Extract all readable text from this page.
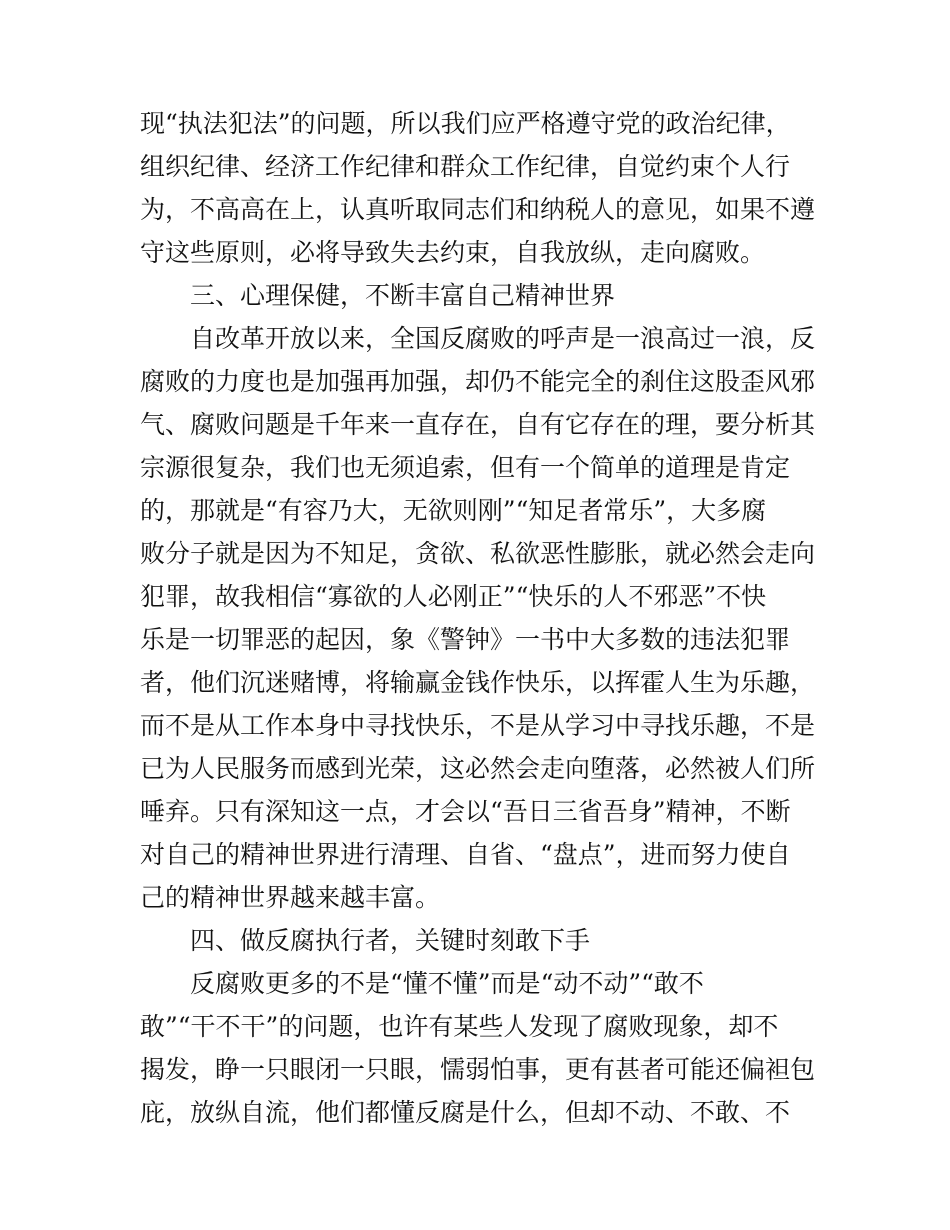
现“执法犯法”的问题，所以我们应严格遵守党的政治纪律，
组织纪律、经济工作纪律和群众工作纪律，自觉约束个人行
为，不高高在上，认真听取同志们和纳税人的意见，如果不遵
守这些原则，必将导致失去约束，自我放纵，走向腐败。
三、心理保健，不断丰富自己精神世界
自改革开放以来，全国反腐败的呼声是一浪高过一浪，反
腐败的力度也是加强再加强，却仍不能完全的刹住这股歪风邪
气、腐败问题是千年来一直存在，自有它存在的理，要分析其
宗源很复杂，我们也无须追索，但有一个简单的道理是肯定
的，那就是“有容乃大，无欲则刚”“知足者常乐”，大多腐
败分子就是因为不知足，贪欲、私欲恶性膨胀，就必然会走向
犯罪，故我相信“寡欲的人必刚正”“快乐的人不邪恶”不快
乐是一切罪恶的起因，象《警钟》一书中大多数的违法犯罪
者，他们沉迷赌博，将输赢金钱作快乐，以挥霍人生为乐趣，
而不是从工作本身中寻找快乐，不是从学习中寻找乐趣，不是
已为人民服务而感到光荣，这必然会走向堕落，必然被人们所
唾弃。只有深知这一点，才会以“吾日三省吾身”精神，不断
对自己的精神世界进行清理、自省、“盘点”，进而努力使自
己的精神世界越来越丰富。
四、做反腐执行者，关键时刻敢下手
反腐败更多的不是“懂不懂”而是“动不动”“敢不
敢”“干不干”的问题，也许有某些人发现了腐败现象，却不
揭发，睁一只眼闭一只眼，懦弱怕事，更有甚者可能还偏袒包
庇，放纵自流，他们都懂反腐是什么，但却不动、不敢、不
